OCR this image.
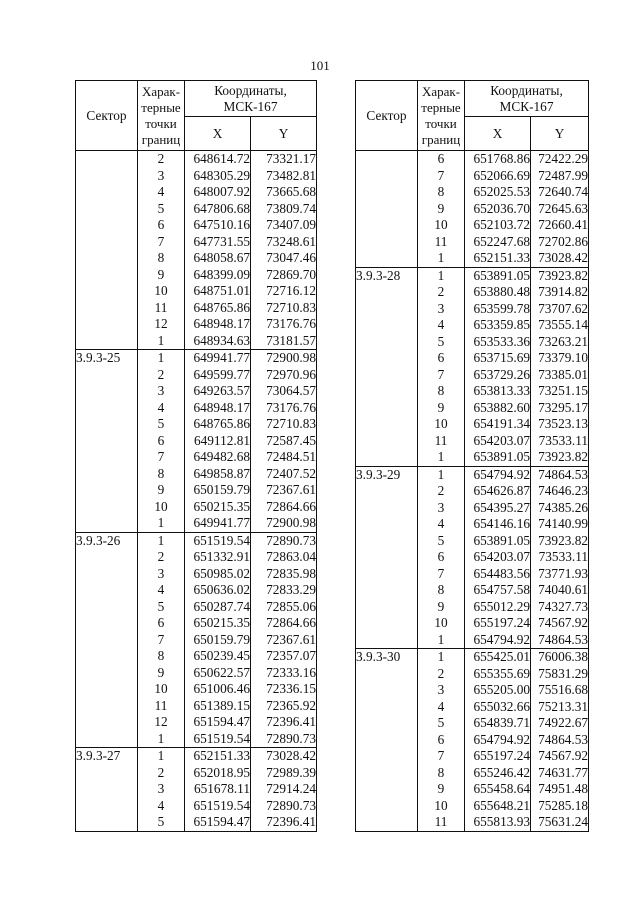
101
Сектор	Харак-
терные
точки
границ	Координаты,
МСК-167	
		X	Y
	2	648614.72	73321.17
	3	648305.29	73482.81
	4	648007.92	73665.68
	5	647806.68	73809.74
	6	647510.16	73407.09
	7	647731.55	73248.61
	8	648058.67	73047.46
	9	648399.09	72869.70
	10	648751.01	72716.12
	11	648765.86	72710.83
	12	648948.17	73176.76
	1	648934.63	73181.57
3.9.3-25	1	649941.77	72900.98
	2	649599.77	72970.96
	3	649263.57	73064.57
	4	648948.17	73176.76
	5	648765.86	72710.83
	6	649112.81	72587.45
	7	649482.68	72484.51
	8	649858.87	72407.52
	9	650159.79	72367.61
	10	650215.35	72864.66
	1	649941.77	72900.98
3.9.3-26	1	651519.54	72890.73
	2	651332.91	72863.04
	3	650985.02	72835.98
	4	650636.02	72833.29
	5	650287.74	72855.06
	6	650215.35	72864.66
	7	650159.79	72367.61
	8	650239.45	72357.07
	9	650622.57	72333.16
	10	651006.46	72336.15
	11	651389.15	72365.92
	12	651594.47	72396.41
	1	651519.54	72890.73
3.9.3-27	1	652151.33	73028.42
	2	652018.95	72989.39
	3	651678.11	72914.24
	4	651519.54	72890.73
	5	651594.47	72396.41
Сектор	Харак-
терные
точки
границ	Координаты,
МСК-167	
		X	Y
	6	651768.86	72422.29
	7	652066.69	72487.99
	8	652025.53	72640.74
	9	652036.70	72645.63
	10	652103.72	72660.41
	11	652247.68	72702.86
	1	652151.33	73028.42
3.9.3-28	1	653891.05	73923.82
	2	653880.48	73914.82
	3	653599.78	73707.62
	4	653359.85	73555.14
	5	653533.36	73263.21
	6	653715.69	73379.10
	7	653729.26	73385.01
	8	653813.33	73251.15
	9	653882.60	73295.17
	10	654191.34	73523.13
	11	654203.07	73533.11
	1	653891.05	73923.82
3.9.3-29	1	654794.92	74864.53
	2	654626.87	74646.23
	3	654395.27	74385.26
	4	654146.16	74140.99
	5	653891.05	73923.82
	6	654203.07	73533.11
	7	654483.56	73771.93
	8	654757.58	74040.61
	9	655012.29	74327.73
	10	655197.24	74567.92
	1	654794.92	74864.53
3.9.3-30	1	655425.01	76006.38
	2	655355.69	75831.29
	3	655205.00	75516.68
	4	655032.66	75213.31
	5	654839.71	74922.67
	6	654794.92	74864.53
	7	655197.24	74567.92
	8	655246.42	74631.77
	9	655458.64	74951.48
	10	655648.21	75285.18
	11	655813.93	75631.24
